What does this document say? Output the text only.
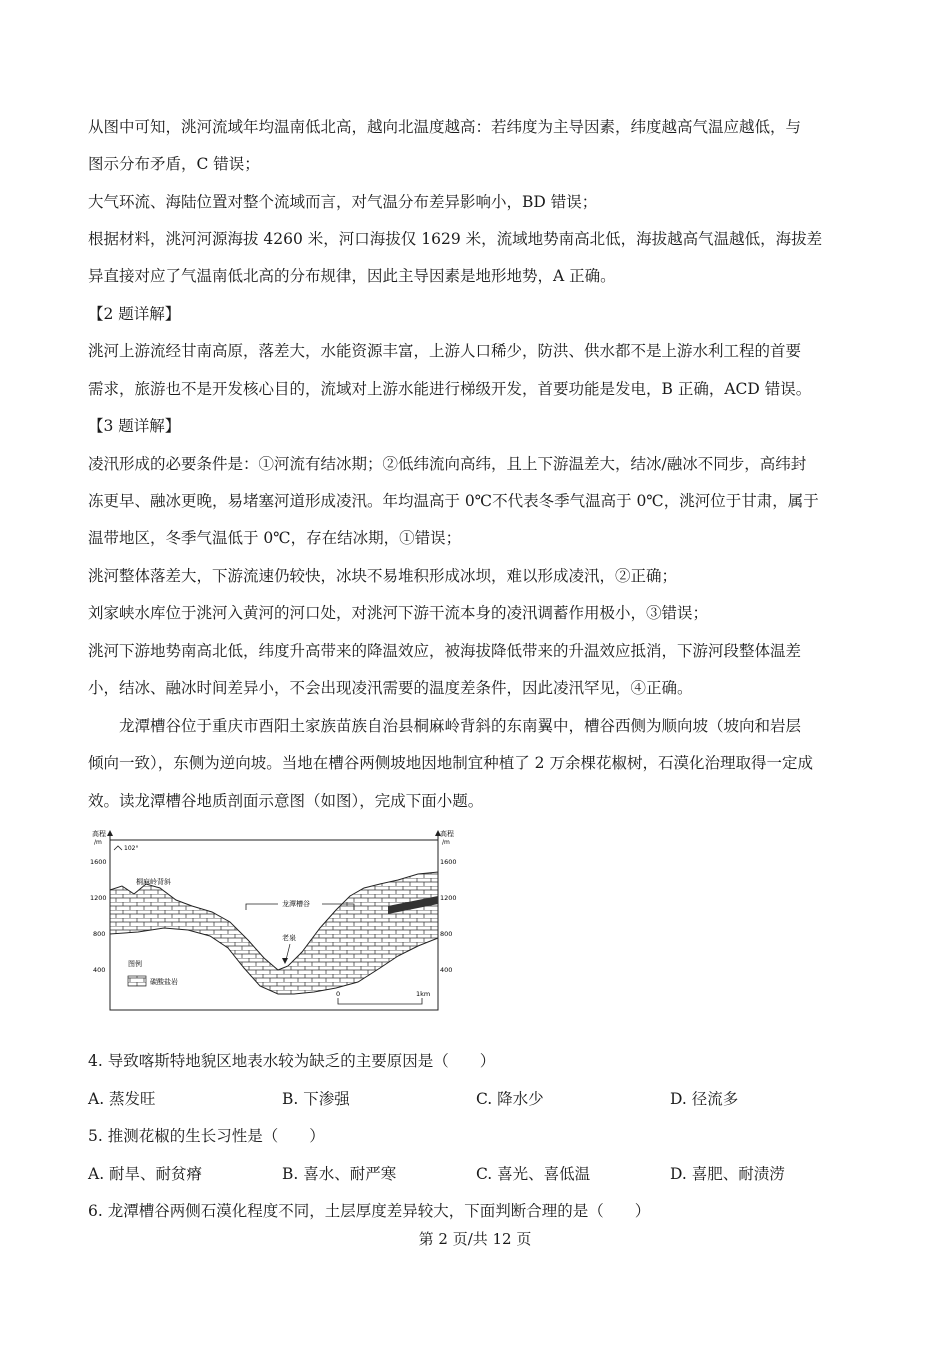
从图中可知，洮河流域年均温南低北高，越向北温度越高：若纬度为主导因素，纬度越高气温应越低，与
图示分布矛盾，C 错误；
大气环流、海陆位置对整个流域而言，对气温分布差异影响小，BD 错误；
根据材料，洮河河源海拔 4260 米，河口海拔仅 1629 米，流域地势南高北低，海拔越高气温越低，海拔差
异直接对应了气温南低北高的分布规律，因此主导因素是地形地势，A 正确。
【2 题详解】
洮河上游流经甘南高原，落差大，水能资源丰富，上游人口稀少，防洪、供水都不是上游水利工程的首要
需求，旅游也不是开发核心目的，流域对上游水能进行梯级开发，首要功能是发电，B 正确，ACD 错误。
【3 题详解】
凌汛形成的必要条件是：①河流有结冰期；②低纬流向高纬，且上下游温差大，结冰/融冰不同步，高纬封
冻更早、融冰更晚，易堵塞河道形成凌汛。年均温高于 0℃不代表冬季气温高于 0℃，洮河位于甘肃，属于
温带地区，冬季气温低于 0℃，存在结冰期，①错误；
洮河整体落差大，下游流速仍较快，冰块不易堆积形成冰坝，难以形成凌汛，②正确；
刘家峡水库位于洮河入黄河的河口处，对洮河下游干流本身的凌汛调蓄作用极小，③错误；
洮河下游地势南高北低，纬度升高带来的降温效应，被海拔降低带来的升温效应抵消，下游河段整体温差
小，结冰、融冰时间差异小，不会出现凌汛需要的温度差条件，因此凌汛罕见，④正确。
　　龙潭槽谷位于重庆市酉阳土家族苗族自治县桐麻岭背斜的东南翼中，槽谷西侧为顺向坡（坡向和岩层
倾向一致），东侧为逆向坡。当地在槽谷两侧坡地因地制宜种植了 2 万余棵花椒树，石漠化治理取得一定成
效。读龙潭槽谷地质剖面示意图（如图），完成下面小题。
高程
/m
高程
/m
102°
1600
1200
800
400
1600
1200
800
400
桐麻岭背斜
龙潭槽谷
老泉
图例
碳酸盐岩
0	1km
4. 导致喀斯特地貌区地表水较为缺乏的主要原因是（　　）
A. 蒸发旺	B. 下渗强	C. 降水少	D. 径流多
5. 推测花椒的生长习性是（　　）
A. 耐旱、耐贫瘠	B. 喜水、耐严寒	C. 喜光、喜低温	D. 喜肥、耐渍涝
6. 龙潭槽谷两侧石漠化程度不同，土层厚度差异较大，下面判断合理的是（　　）
第 2 页/共 12 页
